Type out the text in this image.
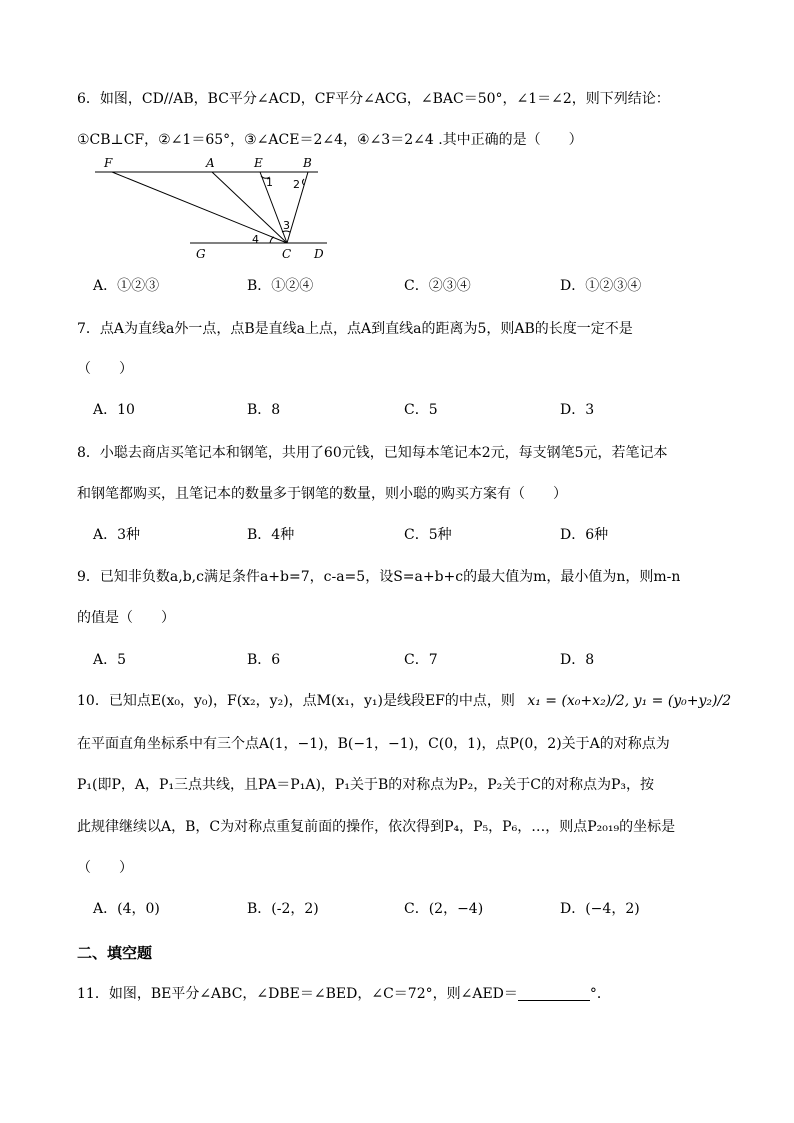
6．如图，CD//AB，BC平分∠ACD，CF平分∠ACG，∠BAC＝50°，∠1＝∠2，则下列结论：
①CB⊥CF，②∠1＝65°，③∠ACE＝2∠4，④∠3＝2∠4 .其中正确的是（　　）
F	A	E	B
G	C D
1 2
3
4
A．①②③	B．①②④	C．②③④	D．①②③④
7．点A为直线a外一点，点B是直线a上点，点A到直线a的距离为5，则AB的长度一定不是
（　　）
A．10	B．8	C．5	D．3
8．小聪去商店买笔记本和钢笔，共用了60元钱，已知每本笔记本2元，每支钢笔5元，若笔记本
和钢笔都购买，且笔记本的数量多于钢笔的数量，则小聪的购买方案有（　　）
A．3种	B．4种	C．5种	D．6种
9．已知非负数a,b,c满足条件a+b=7，c-a=5，设S=a+b+c的最大值为m，最小值为n，则m-n
的值是（　　）
A．5	B．6	C．7	D．8
10．已知点E(x₀，y₀)，F(x₂，y₂)，点M(x₁，y₁)是线段EF的中点，则 x₁ = (x₀+x₂)/2, y₁ = (y₀+y₂)/2
在平面直角坐标系中有三个点A(1，−1)，B(−1，−1)，C(0，1)，点P(0，2)关于A的对称点为
P₁(即P，A，P₁三点共线，且PA＝P₁A)，P₁关于B的对称点为P₂，P₂关于C的对称点为P₃，按
此规律继续以A，B，C为对称点重复前面的操作，依次得到P₄，P₅，P₆，…，则点P₂₀₁₉的坐标是
（　　）
A．(4，0)	B．(-2，2)	C．(2，−4)	D．(−4，2)
二、填空题
11．如图，BE平分∠ABC，∠DBE＝∠BED，∠C＝72°，则∠AED＝	°．
